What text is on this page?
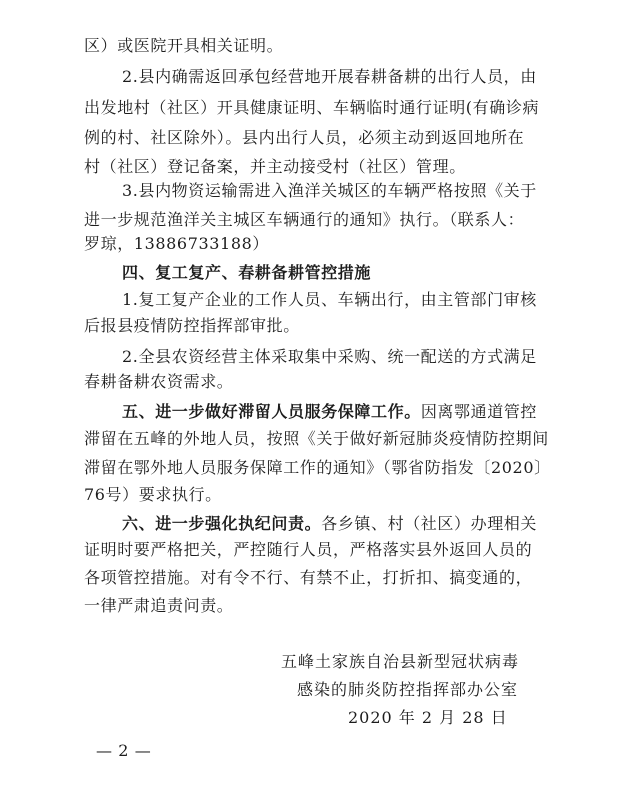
区）或医院开具相关证明。
2.县内确需返回承包经营地开展春耕备耕的出行人员，由
出发地村（社区）开具健康证明、车辆临时通行证明(有确诊病
例的村、社区除外）。县内出行人员，必须主动到返回地所在
村（社区）登记备案，并主动接受村（社区）管理。
3.县内物资运输需进入渔洋关城区的车辆严格按照《关于
进一步规范渔洋关主城区车辆通行的通知》执行。（联系人：
罗琼，13886733188）
四、复工复产、春耕备耕管控措施
1.复工复产企业的工作人员、车辆出行，由主管部门审核
后报县疫情防控指挥部审批。
2.全县农资经营主体采取集中采购、统一配送的方式满足
春耕备耕农资需求。
五、进一步做好滞留人员服务保障工作。因离鄂通道管控
滞留在五峰的外地人员，按照《关于做好新冠肺炎疫情防控期间
滞留在鄂外地人员服务保障工作的通知》（鄂省防指发〔2020〕
76号）要求执行。
六、进一步强化执纪问责。各乡镇、村（社区）办理相关
证明时要严格把关，严控随行人员，严格落实县外返回人员的
各项管控措施。对有令不行、有禁不止，打折扣、搞变通的，
一律严肃追责问责。
五峰土家族自治县新型冠状病毒
感染的肺炎防控指挥部办公室
2020 年 2 月 28 日
— 2 —
